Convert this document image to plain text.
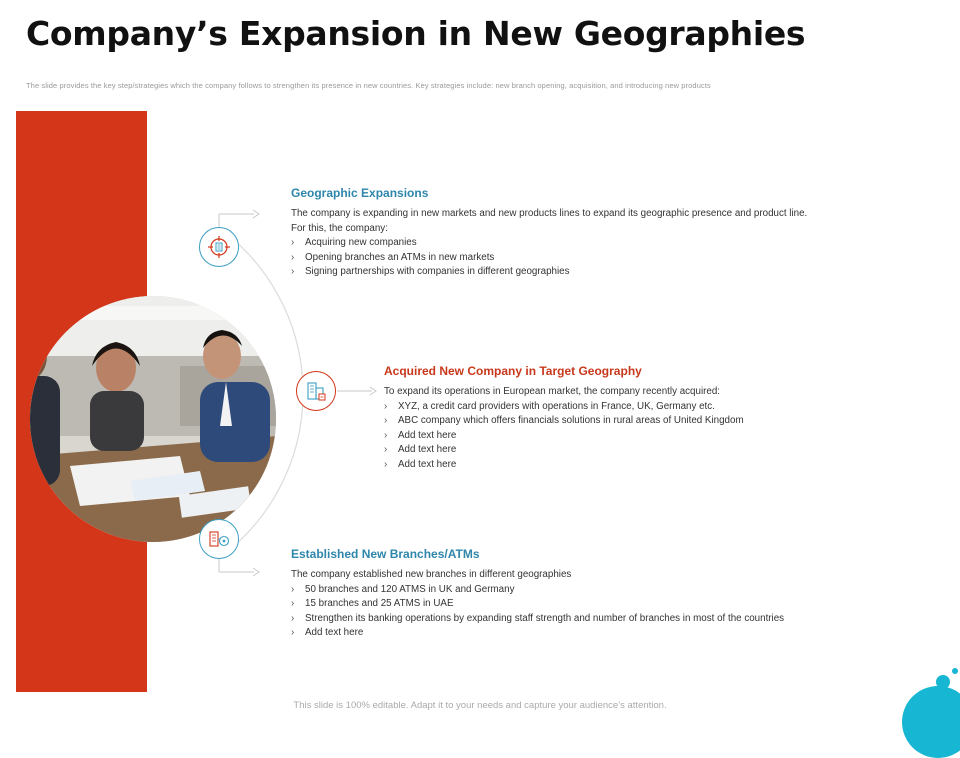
Company’s Expansion in New Geographies
The slide provides the key step/strategies which the company follows to strengthen its presence in new countries. Key strategies include: new branch opening, acquisition, and introducing new products
Geographic Expansions
The company is expanding in new markets and new products lines to expand its geographic presence and product line.
For this, the company:
› Acquiring new companies
› Opening branches an ATMs in new markets
› Signing partnerships with companies in different geographies
Acquired New Company in Target Geography
To expand its operations in European market, the company recently acquired:
› XYZ, a credit card providers with operations in France, UK, Germany etc.
› ABC company which offers financials solutions in rural areas of United Kingdom
› Add text here
› Add text here
› Add text here
Established New Branches/ATMs
The company established new branches in different geographies
› 50 branches and 120 ATMS in UK and Germany
› 15 branches and 25 ATMS in UAE
› Strengthen its banking operations by expanding staff strength and number of branches in most of the countries
› Add text here
This slide is 100% editable. Adapt it to your needs and capture your audience’s attention.
